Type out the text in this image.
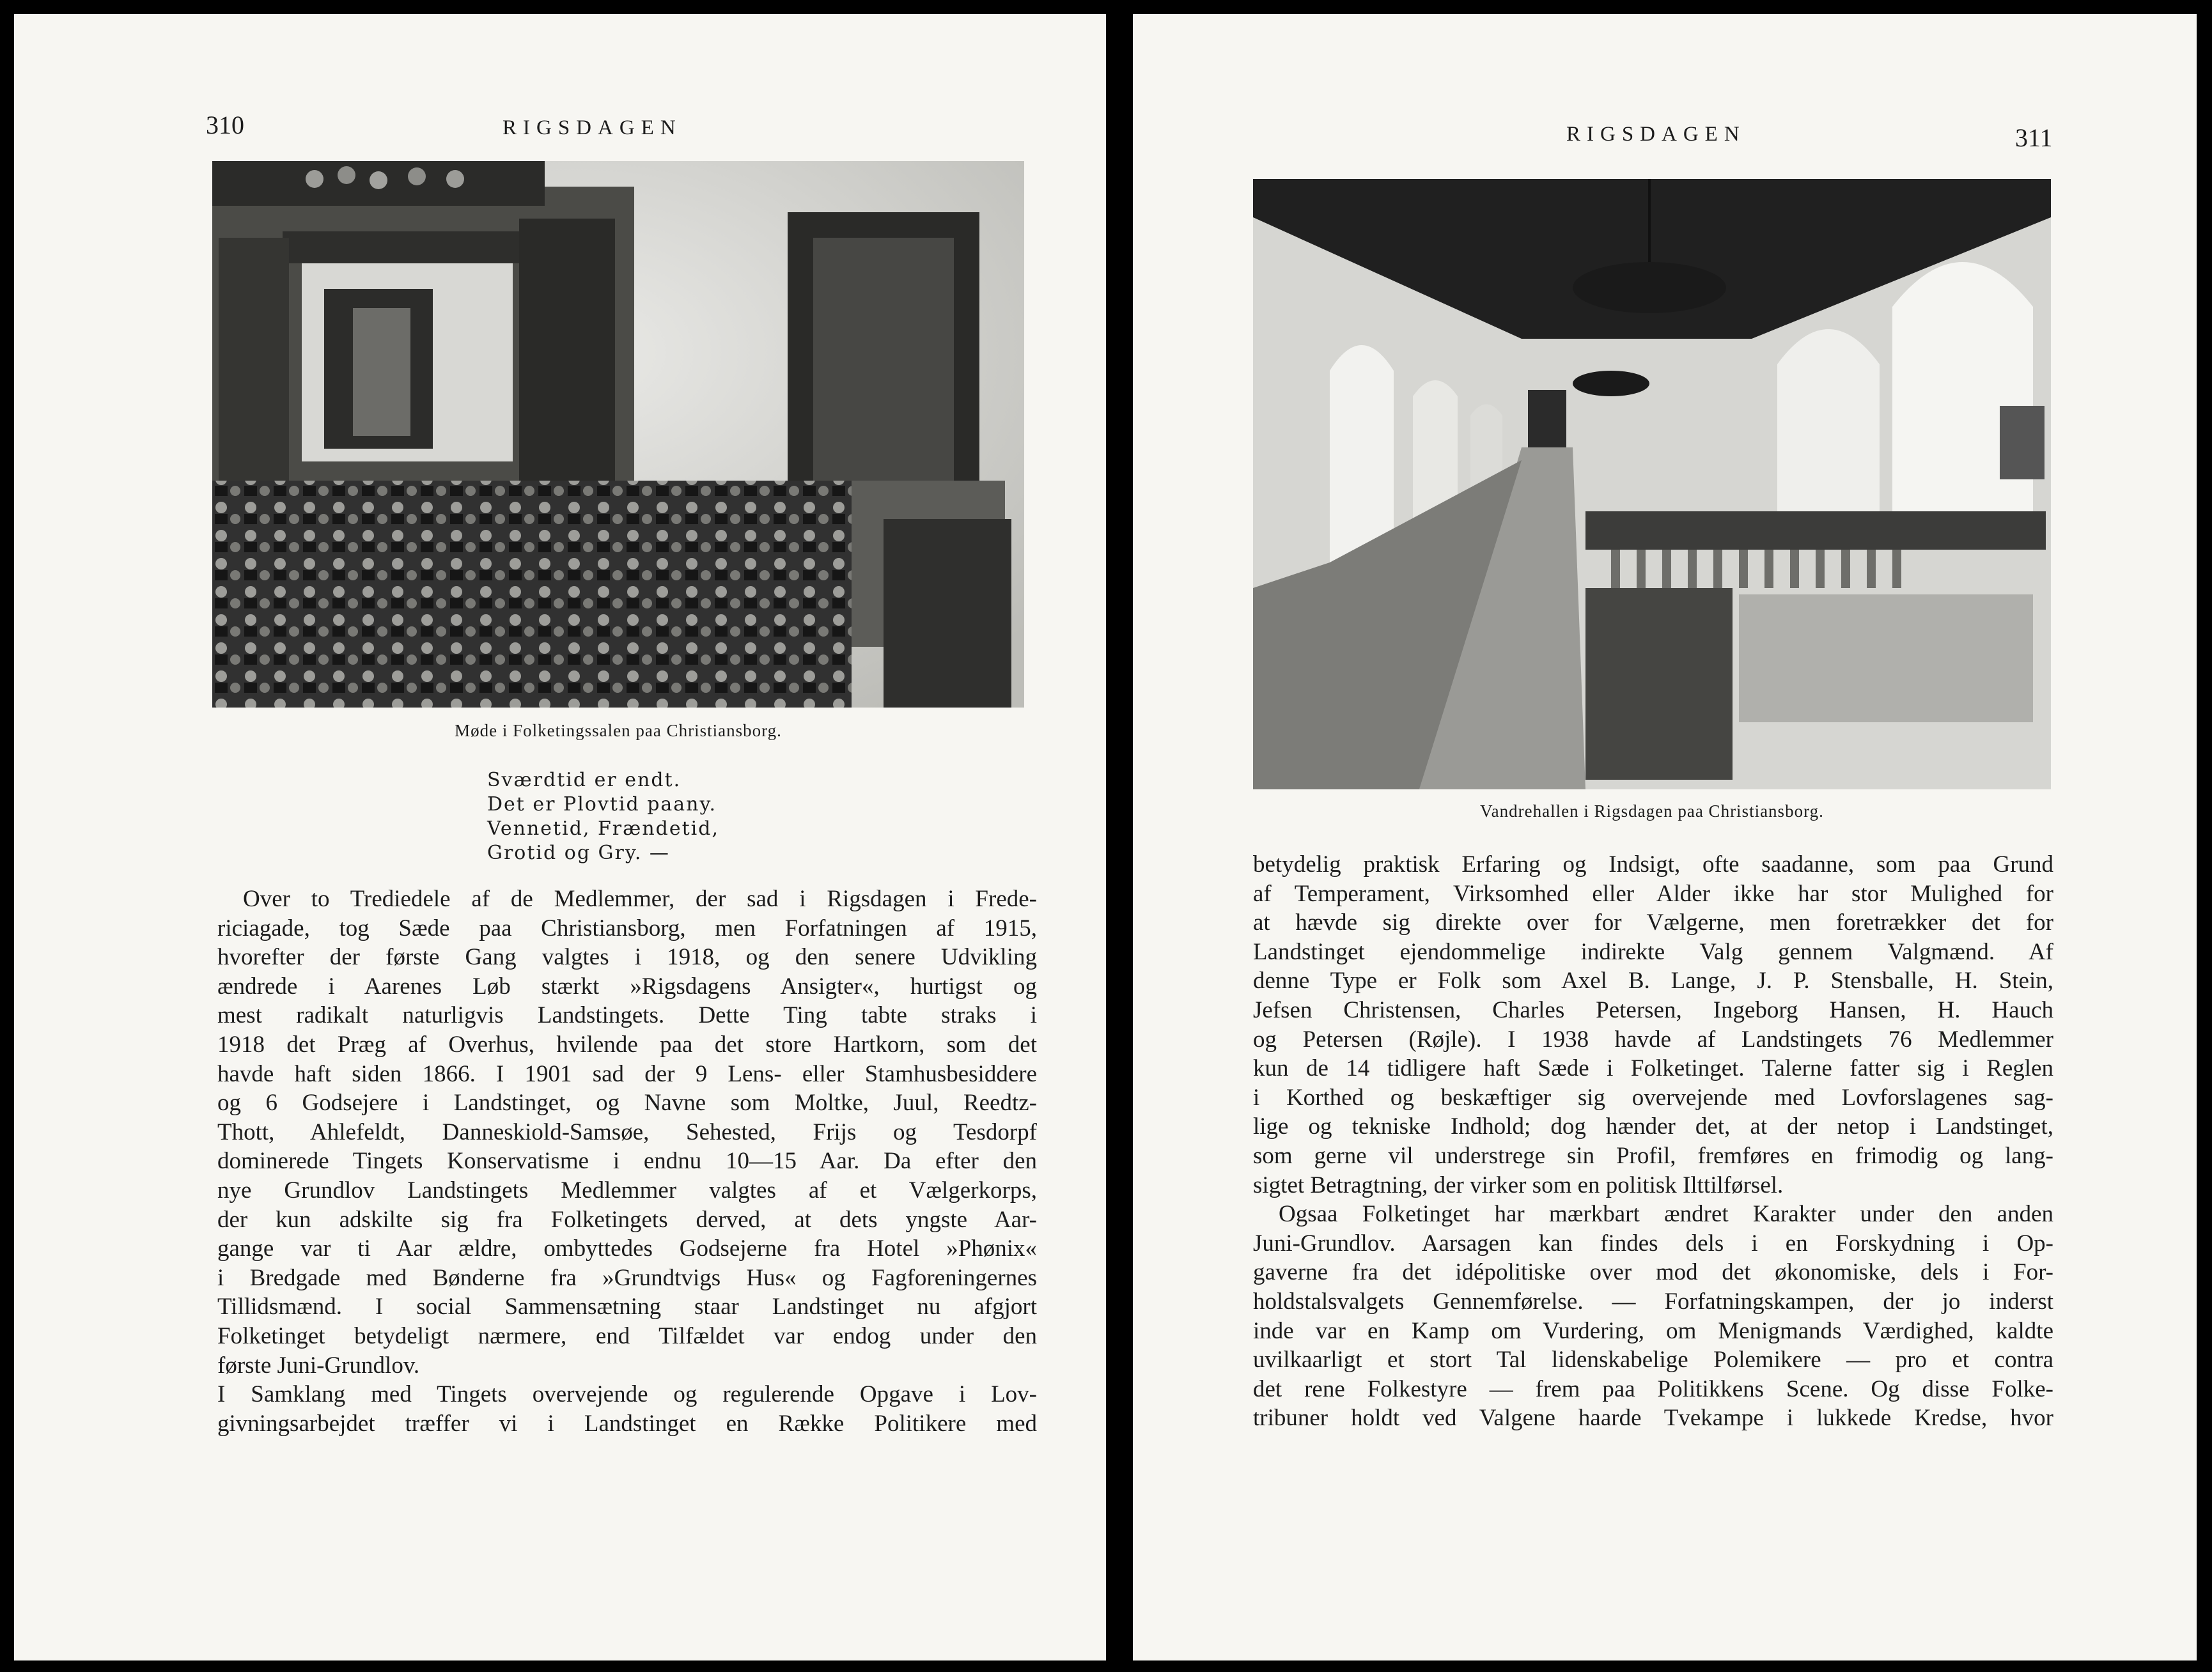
310	RIGSDAGEN
Møde i Folketingssalen paa Christiansborg.
Sværdtid er endt.
Det er Plovtid paany.
Vennetid, Frændetid,
Grotid og Gry. —
Over to Trediedele af de Medlemmer, der sad i Rigsdagen i Frede-
riciagade, tog Sæde paa Christiansborg, men Forfatningen af 1915,
hvorefter der første Gang valgtes i 1918, og den senere Udvikling
ændrede i Aarenes Løb stærkt »Rigsdagens Ansigter«, hurtigst og
mest radikalt naturligvis Landstingets. Dette Ting tabte straks i
1918 det Præg af Overhus, hvilende paa det store Hartkorn, som det
havde haft siden 1866. I 1901 sad der 9 Lens- eller Stamhusbesiddere
og 6 Godsejere i Landstinget, og Navne som Moltke, Juul, Reedtz-
Thott, Ahlefeldt, Danneskiold-Samsøe, Sehested, Frijs og Tesdorpf
dominerede Tingets Konservatisme i endnu 10—15 Aar. Da efter den
nye Grundlov Landstingets Medlemmer valgtes af et Vælgerkorps,
der kun adskilte sig fra Folketingets derved, at dets yngste Aar-
gange var ti Aar ældre, ombyttedes Godsejerne fra Hotel »Phønix«
i Bredgade med Bønderne fra »Grundtvigs Hus« og Fagforeningernes
Tillidsmænd. I social Sammensætning staar Landstinget nu afgjort
Folketinget betydeligt nærmere, end Tilfældet var endog under den
første Juni-Grundlov.
I Samklang med Tingets overvejende og regulerende Opgave i Lov-
givningsarbejdet træffer vi i Landstinget en Række Politikere med
RIGSDAGEN	311
Vandrehallen i Rigsdagen paa Christiansborg.
betydelig praktisk Erfaring og Indsigt, ofte saadanne, som paa Grund
af Temperament, Virksomhed eller Alder ikke har stor Mulighed for
at hævde sig direkte over for Vælgerne, men foretrækker det for
Landstinget ejendommelige indirekte Valg gennem Valgmænd. Af
denne Type er Folk som Axel B. Lange, J. P. Stensballe, H. Stein,
Jefsen Christensen, Charles Petersen, Ingeborg Hansen, H. Hauch
og Petersen (Røjle). I 1938 havde af Landstingets 76 Medlemmer
kun de 14 tidligere haft Sæde i Folketinget. Talerne fatter sig i Reglen
i Korthed og beskæftiger sig overvejende med Lovforslagenes sag-
lige og tekniske Indhold; dog hænder det, at der netop i Landstinget,
som gerne vil understrege sin Profil, fremføres en frimodig og lang-
sigtet Betragtning, der virker som en politisk Ilttilførsel.
Ogsaa Folketinget har mærkbart ændret Karakter under den anden
Juni-Grundlov. Aarsagen kan findes dels i en Forskydning i Op-
gaverne fra det idépolitiske over mod det økonomiske, dels i For-
holdstalsvalgets Gennemførelse. — Forfatningskampen, der jo inderst
inde var en Kamp om Vurdering, om Menigmands Værdighed, kaldte
uvilkaarligt et stort Tal lidenskabelige Polemikere — pro et contra
det rene Folkestyre — frem paa Politikkens Scene. Og disse Folke-
tribuner holdt ved Valgene haarde Tvekampe i lukkede Kredse, hvor
